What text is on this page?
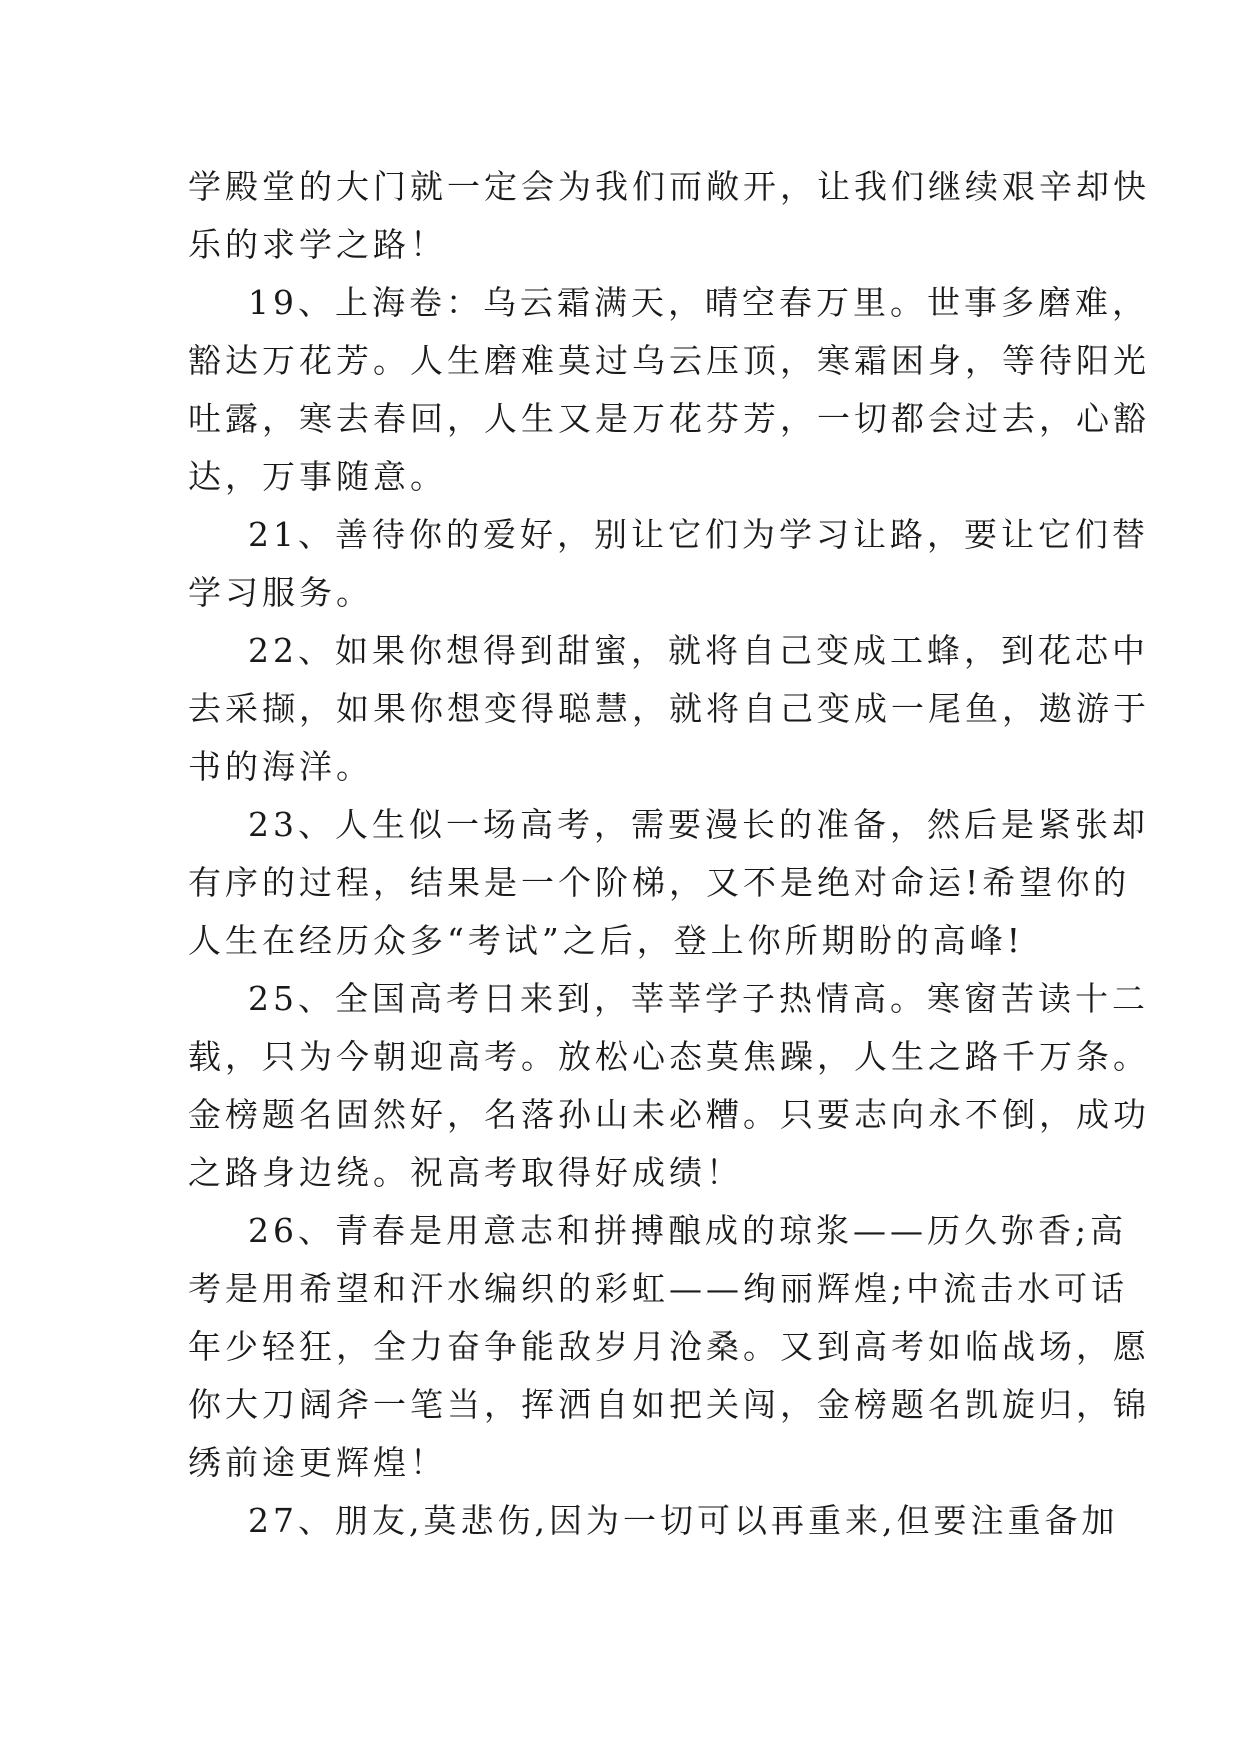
学殿堂的大门就一定会为我们而敞开，让我们继续艰辛却快
乐的求学之路！
19、上海卷：乌云霜满天，晴空春万里。世事多磨难，
豁达万花芳。人生磨难莫过乌云压顶，寒霜困身，等待阳光
吐露，寒去春回，人生又是万花芬芳，一切都会过去，心豁
达，万事随意。
21、善待你的爱好，别让它们为学习让路，要让它们替
学习服务。
22、如果你想得到甜蜜，就将自己变成工蜂，到花芯中
去采撷，如果你想变得聪慧，就将自己变成一尾鱼，遨游于
书的海洋。
23、人生似一场高考，需要漫长的准备，然后是紧张却
有序的过程，结果是一个阶梯，又不是绝对命运!希望你的
人生在经历众多“考试”之后，登上你所期盼的高峰!
25、全国高考日来到，莘莘学子热情高。寒窗苦读十二
载，只为今朝迎高考。放松心态莫焦躁，人生之路千万条。
金榜题名固然好，名落孙山未必糟。只要志向永不倒，成功
之路身边绕。祝高考取得好成绩！
26、青春是用意志和拼搏酿成的琼浆——历久弥香;高
考是用希望和汗水编织的彩虹——绚丽辉煌;中流击水可话
年少轻狂，全力奋争能敌岁月沧桑。又到高考如临战场，愿
你大刀阔斧一笔当，挥洒自如把关闯，金榜题名凯旋归，锦
绣前途更辉煌！
27、朋友,莫悲伤,因为一切可以再重来,但要注重备加
